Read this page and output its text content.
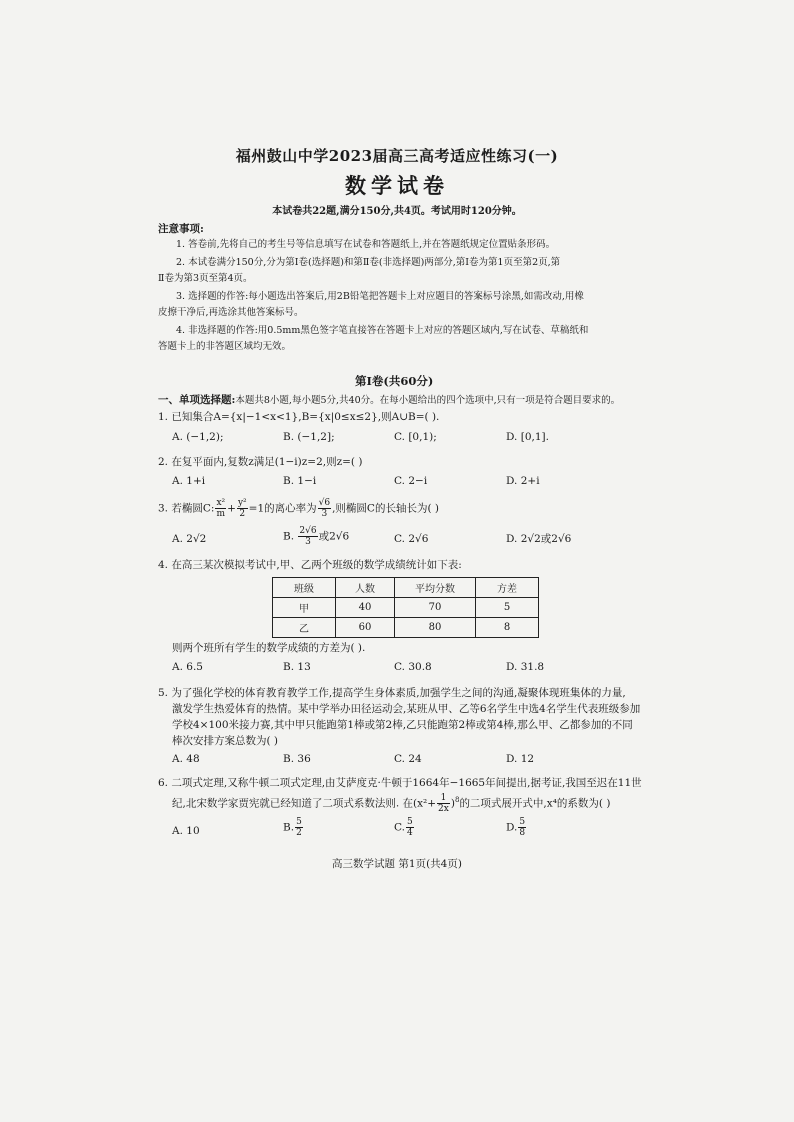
福州鼓山中学2023届高三高考适应性练习(一)
数学试卷
本试卷共22题,满分150分,共4页。考试用时120分钟。
注意事项:
1. 答卷前,先将自己的考生号等信息填写在试卷和答题纸上,并在答题纸规定位置贴条形码。
2. 本试卷满分150分,分为第Ⅰ卷(选择题)和第Ⅱ卷(非选择题)两部分,第Ⅰ卷为第1页至第2页,第
Ⅱ卷为第3页至第4页。
3. 选择题的作答:每小题选出答案后,用2B铅笔把答题卡上对应题目的答案标号涂黑,如需改动,用橡
皮擦干净后,再选涂其他答案标号。
4. 非选择题的作答:用0.5mm黑色签字笔直接答在答题卡上对应的答题区域内,写在试卷、草稿纸和
答题卡上的非答题区域均无效。
第Ⅰ卷(共60分)
一、单项选择题:本题共8小题,每小题5分,共40分。在每小题给出的四个选项中,只有一项是符合题目要求的。
1. 已知集合A={x|−1<x<1},B={x|0≤x≤2},则A∪B=( ).
A. (−1,2);	B. (−1,2];	C. [0,1);	D. [0,1].
2. 在复平面内,复数z满足(1−i)z=2,则z=( )
A. 1+i	B. 1−i	C. 2−i	D. 2+i
3. 若椭圆C: $\frac{\text{x²}}{m} + \frac{\text{y²}}{2} =1$的离心率为 $\frac{√6}{3}$ ,则椭圆C的长轴长为( )
A. 2√2	B. $\frac{2√6}{3}$ 或2√6	C. 2√6	D. 2√2或2√6
4. 在高三某次模拟考试中,甲、乙两个班级的数学成绩统计如下表:
班级	人数	平均分数	方差
甲	40	70	5
乙	60	80	8
则两个班所有学生的数学成绩的方差为( ).
A. 6.5	B. 13	C. 30.8	D. 31.8
5. 为了强化学校的体育教育教学工作,提高学生身体素质,加强学生之间的沟通,凝聚体现班集体的力量,
激发学生热爱体育的热情。某中学举办田径运动会,某班从甲、乙等6名学生中选4名学生代表班级参加
学校4×100米接力赛,其中甲只能跑第1棒或第2棒,乙只能跑第2棒或第4棒,那么甲、乙都参加的不同
棒次安排方案总数为( )
A. 48	B. 36	C. 24	D. 12
6. 二项式定理,又称牛顿二项式定理,由艾萨度克·牛顿于1664年−1665年间提出,据考证,我国至迟在11世
纪,北宋数学家贾宪就已经知道了二项式系数法则. 在$(x^2+ \frac{1}{2x} )^8$的二项式展开式中,x⁴的系数为( )
A. 10	B. $\frac{5}{2}$	C. $\frac{5}{4}$	D. $\frac{5}{8}$
高三数学试题 第1页(共4页)
